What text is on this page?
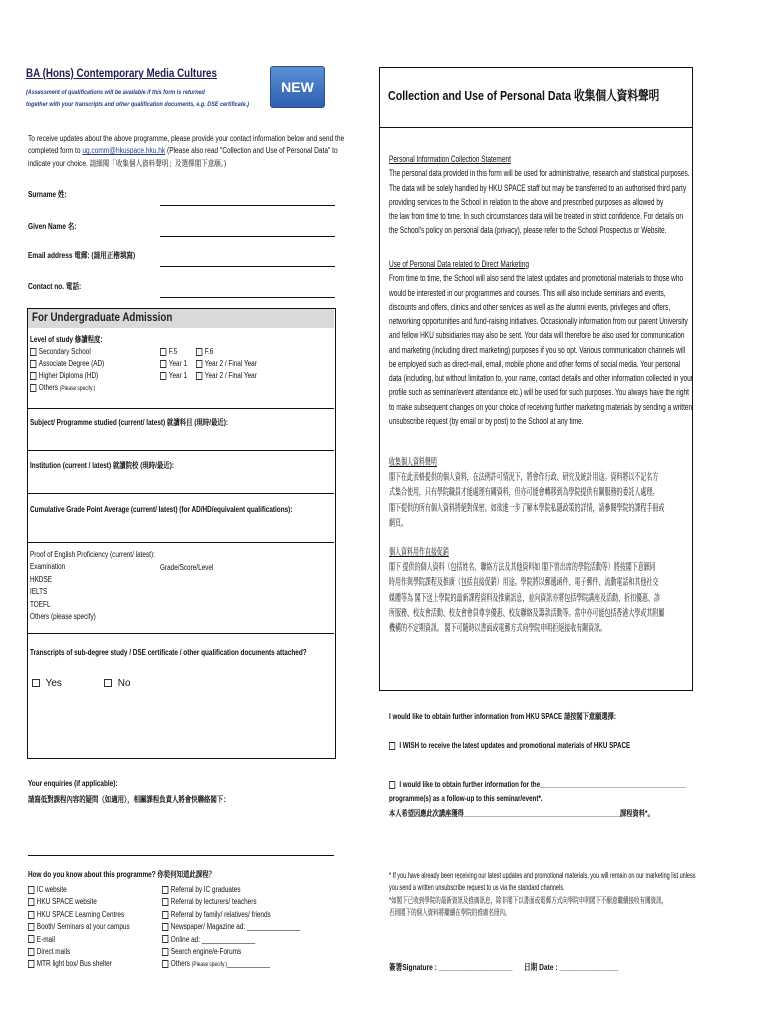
BA (Hons) Contemporary Media Cultures
(Assessment of qualifications will be available if this form is returned
together with your transcripts and other qualification documents, e.g. DSE certificate.)
NEW
Collection and Use of Personal Data 收集個人資料聲明
To receive updates about the above programme, please provide your contact information below and send the
completed form to ug.comm@hkuspace.hku.hk (Please also read "Collection and Use of Personal Data" to
indicate your choice. 請細閱「收集個人資料聲明」及選擇閣下意願。)
Surname 姓:
Given Name 名:
Email address 電郵: (請用正楷填寫)
Contact no. 電話:
For Undergraduate Admission
Level of study 修讀程度:
Secondary School
Associate Degree (AD)
Higher Diploma (HD)
Others (Please specify:)
F.5
Year 1
Year 1
F.6
Year 2 / Final Year
Year 2 / Final Year
Subject/ Programme studied (current/ latest) 就讀科目 (現時/最近):
Institution (current / latest) 就讀院校 (現時/最近):
Cumulative Grade Point Average (current/ latest) (for AD/HD/equivalent qualifications):
Proof of English Proficiency (current/ latest):
Examination
HKDSE
IELTS
TOEFL
Others (please specify)
Grade/Score/Level
Transcripts of sub-degree study / DSE certificate / other qualification documents attached?
Yes	No
Your enquiries (if applicable):
請寫低對課程內容的疑問（如適用），相關課程負責人將會快聯絡閣下：
How do you know about this programme? 你從何知道此課程？
IC website
HKU SPACE website
HKU SPACE Learning Centres
Booth/ Seminars at your campus
E-mail
Direct mails
MTR light box/ Bus shelter
Referral by IC graduates
Referral by lecturers/ teachers
Referral by family/ relatives/ friends
Newspaper/ Magazine ad: _______________
Online ad: _______________
Search engine/e-Forums
Others (Please specify:)____________
Personal Information Collection Statement
The personal data provided in this form will be used for administrative, research and statistical purposes.
The data will be solely handled by HKU SPACE staff but may be transferred to an authorised third party
providing services to the School in relation to the above and prescribed purposes as allowed by
the law from time to time. In such circumstances data will be treated in strict confidence. For details on
the School's policy on personal data (privacy), please refer to the School Prospectus or Website.
Use of Personal Data related to Direct Marketing
From time to time, the School will also send the latest updates and promotional materials to those who
would be interested in our programmes and courses. This will also include seminars and events,
discounts and offers, clinics and other services as well as the alumni events, privileges and offers,
networking opportunities and fund-raising initiatives. Occasionally information from our parent University
and fellow HKU subsidiaries may also be sent. Your data will therefore be also used for communication
and marketing (including direct marketing) purposes if you so opt. Various communication channels will
be employed such as direct-mail, email, mobile phone and other forms of social media. Your personal
data (including, but without limitation to, your name, contact details and other information collected in your
profile such as seminar/event attendance etc.) will be used for such purposes. You always have the right
to make subsequent changes on your choice of receiving further marketing materials by sending a written
unsubscribe request (by email or by post) to the School at any time.
收集個人資料聲明
閣下在此表格提供的個人資料，在法例許可情況下，將會作行政、研究及統計用途。資料將以不記名方
式集合使用，只有學院職員才能處理有關資料，但亦可能會轉移到為學院提供有關服務的委託人處理。
閣下提供的所有個人資料將絕對保密。如欲進一步了解本學院私隱政策的詳情，請參閱學院的課程手冊或
網頁。
個人資料用作直接促銷
閣下 提供的個人資料（包括姓名、聯絡方法及其他資料如 閣下曾出席的學院活動等）將按閣下意願同
時用作與學院課程及推廣（包括直接促銷）用途。學院將以郵遞函件、電子郵件、流動電話和其他社交
媒體等為 閣下送上學院的最新課程資料及推廣訊息，並向資訊亦將包括學院講座及活動、折扣優惠、診
所服務、校友會活動、校友會會員尊享優惠、校友聯絡及籌款活動等。當中亦可能包括香港大學或其附屬
機構的不定期資訊。 閣下可隨時以書面或電郵方式向學院申明拒絕接收有關資訊。
I would like to obtain further information from HKU SPACE 請按閣下意願選擇:
I WISH to receive the latest updates and promotional materials of HKU SPACE
I would like to obtain further information for the__________________________________________
programme(s) as a follow-up to this seminar/event*.
本人希望因應此次講座獲得_____________________________________________課程資料*。
* If you have already been receiving our latest updates and promotional materials, you will remain on our marketing list unless
you send a written unsubscribe request to us via the standard channels.
*如閣下已收到學院的最新資訊及推廣訊息，除非閣下以書面或電郵方式向學院申明閣下不願意繼續接收有關資訊，
否則閣下的個人資料將繼續在學院的推廣名冊內。
簽署Signature : ____________________	日期 Date : ________________
